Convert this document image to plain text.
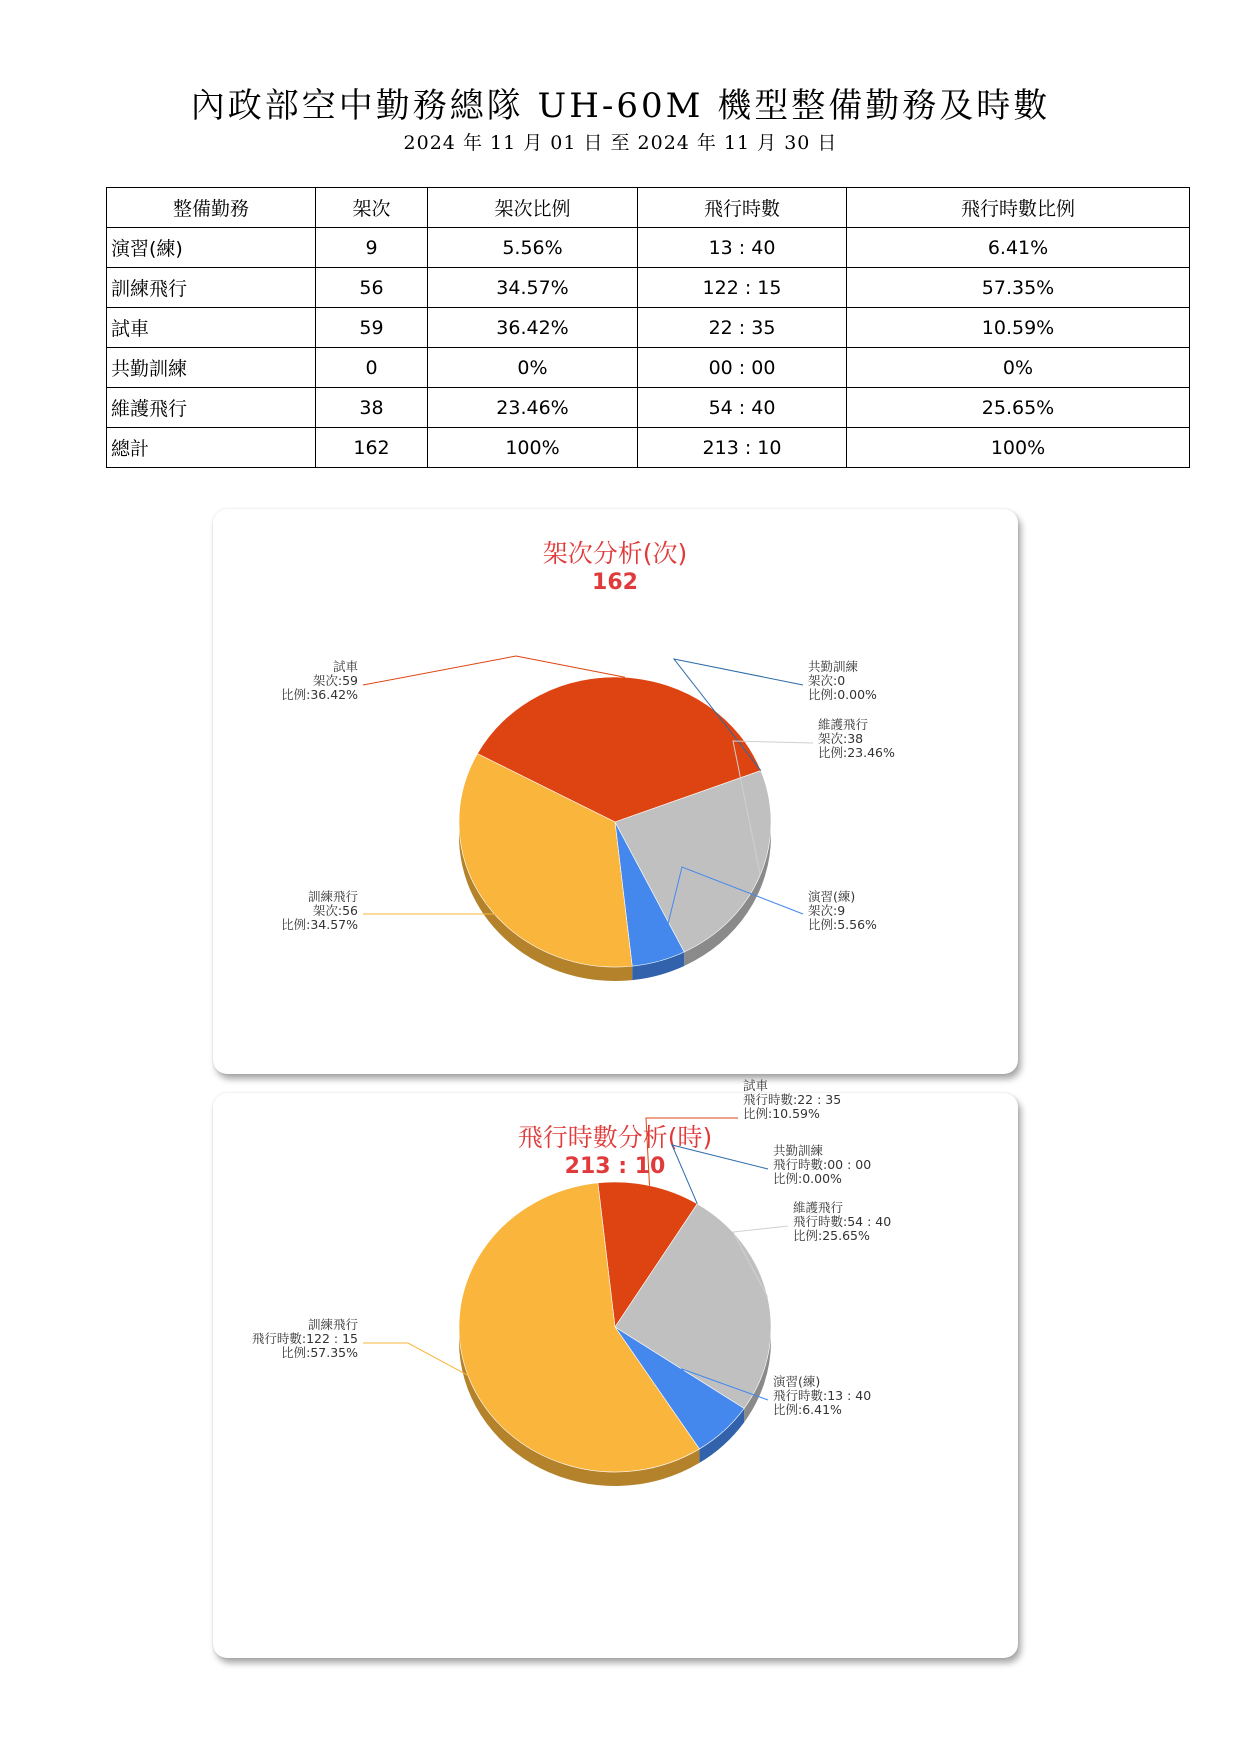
內政部空中勤務總隊 UH-60M 機型整備勤務及時數
2024 年 11 月 01 日 至 2024 年 11 月 30 日
整備勤務	架次	架次比例	飛行時數	飛行時數比例
演習(練)	9	5.56%	13 : 40	6.41%
訓練飛行	56	34.57%	122 : 15	57.35%
試車	59	36.42%	22 : 35	10.59%
共勤訓練	0	0%	00 : 00	0%
維護飛行	38	23.46%	54 : 40	25.65%
總計	162	100%	213 : 10	100%
架次分析(次)
162
試車架次:59 比例:36.42%
共勤訓練架次:0 比例:0.00%
維護飛行架次:38 比例:23.46%
演習(練)架次:9 比例:5.56%
訓練飛行架次:56 比例:34.57%
飛行時數分析(時)
213 : 10
試車飛行時數:22 : 35 比例:10.59%
共勤訓練飛行時數:00 : 00 比例:0.00%
維護飛行飛行時數:54 : 40 比例:25.65%
演習(練)飛行時數:13 : 40 比例:6.41%
訓練飛行飛行時數:122 : 15 比例:57.35%
